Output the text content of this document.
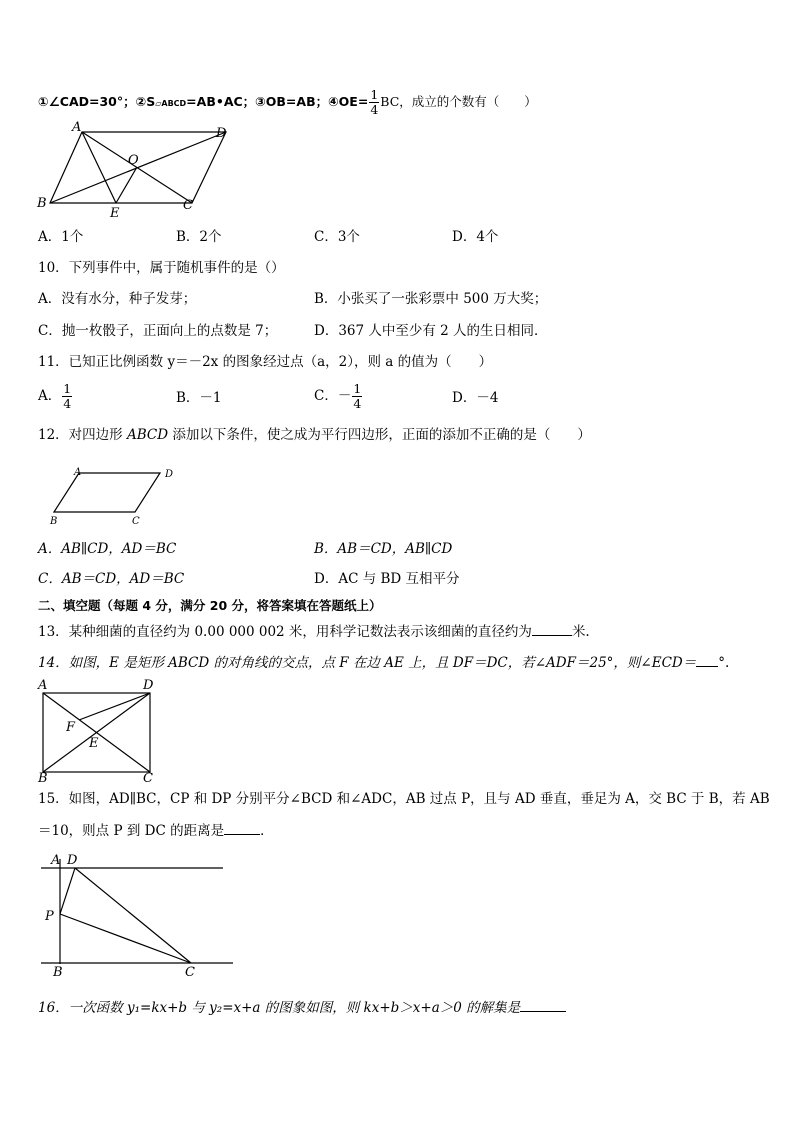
①∠CAD=30°；②S▱ABCD=AB•AC；③OB=AB；④OE= $\frac{1}{4}$ BC，成立的个数有（　　）
A	D
O
B
E
C
A．1个	B．2个	C．3个	D．4个
10．下列事件中，属于随机事件的是（）
A．没有水分，种子发芽；	B．小张买了一张彩票中 500 万大奖；
C．抛一枚骰子，正面向上的点数是 7；	D．367 人中至少有 2 人的生日相同．
11．已知正比例函数 y＝－2x 的图象经过点（a，2），则 a 的值为（　　）
A． $\frac{1}{4}$	B．－1	C．－ $\frac{1}{4}$	D．－4
12．对四边形 ABCD 添加以下条件，使之成为平行四边形，正面的添加不正确的是（　　）
A	D
B	C
A．AB∥CD，AD＝BC	B．AB＝CD，AB∥CD
C．AB＝CD，AD＝BC	D．AC 与 BD 互相平分
二、填空题（每题 4 分，满分 20 分，将答案填在答题纸上）
13．某种细菌的直径约为 0.00 000 002 米，用科学记数法表示该细菌的直径约为	米.
14．如图，E 是矩形 ABCD 的对角线的交点，点 F 在边 AE 上，且 DF＝DC，若∠ADF＝25°，则∠ECD＝ °.
A	D
F
E
B	C
15．如图，AD∥BC，CP 和 DP 分别平分∠BCD 和∠ADC，AB 过点 P，且与 AD 垂直，垂足为 A，交 BC 于 B，若 AB
＝10，则点 P 到 DC 的距离是	．
A D
P
B	C
16．一次函数 y₁=kx+b 与 y₂=x+a 的图象如图，则 kx+b＞x+a＞0 的解集是
